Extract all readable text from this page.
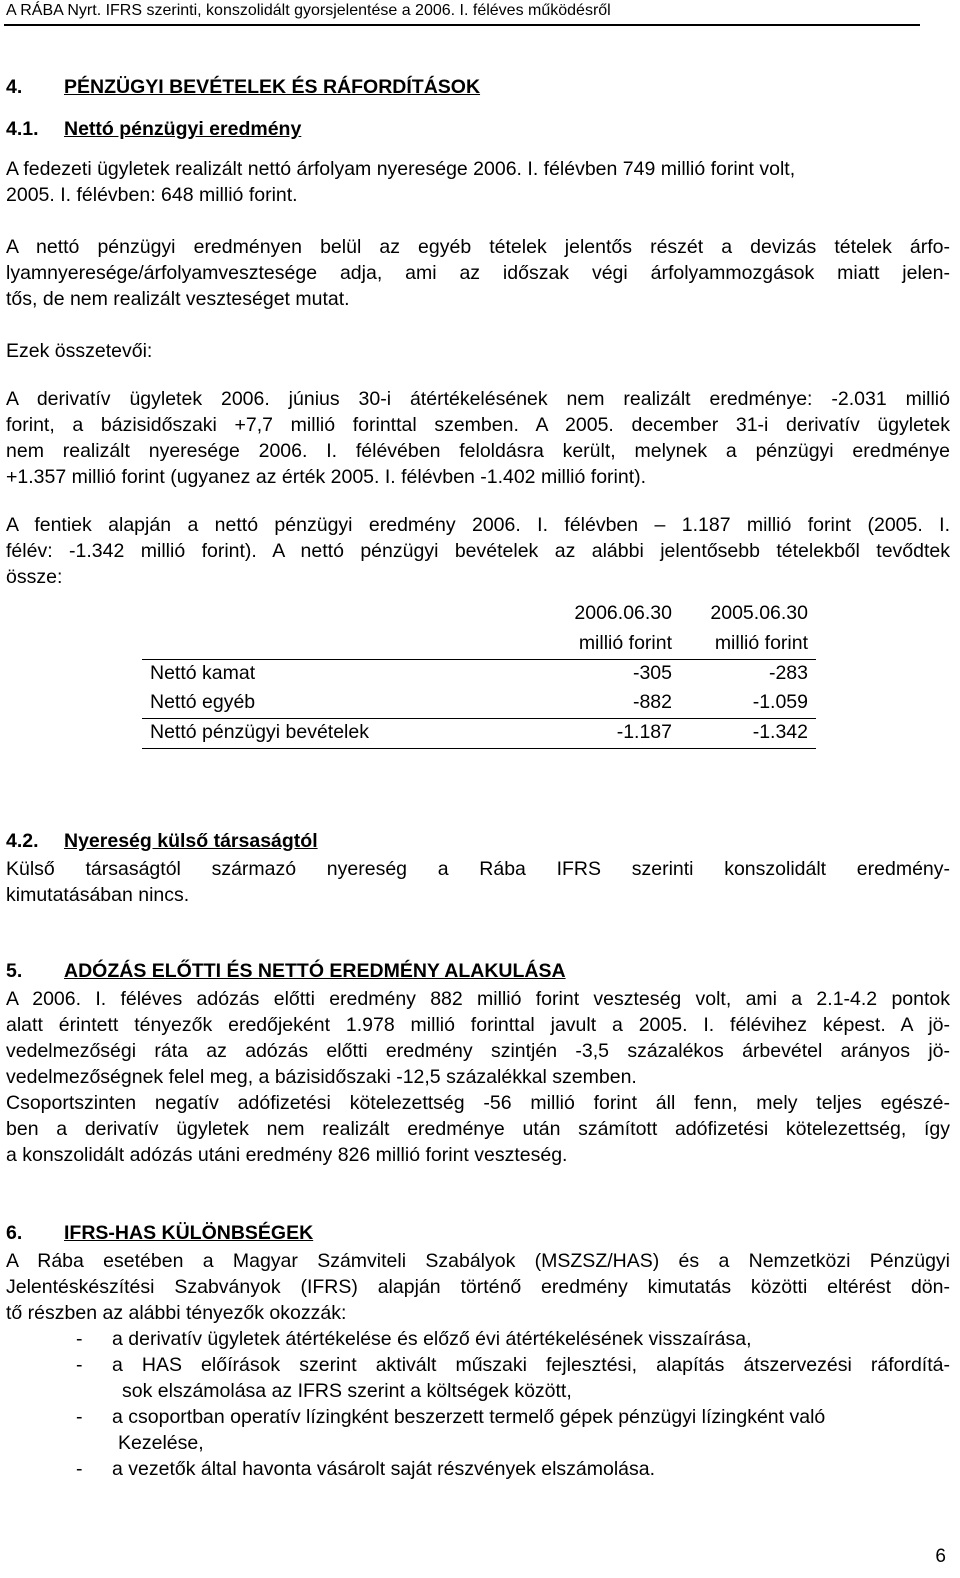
A RÁBA Nyrt. IFRS szerinti, konszolidált gyorsjelentése a 2006. I. féléves működésről
4. PÉNZÜGYI BEVÉTELEK ÉS RÁFORDÍTÁSOK
4.1. Nettó pénzügyi eredmény
A fedezeti ügyletek realizált nettó árfolyam nyeresége 2006. I. félévben 749 millió forint volt,
2005. I. félévben: 648 millió forint.
A nettó pénzügyi eredményen belül az egyéb tételek jelentős részét a devizás tételek árfo-
lyamnyeresége/árfolyamvesztesége adja, ami az időszak végi árfolyammozgások miatt jelen-
tős, de nem realizált veszteséget mutat.
Ezek összetevői:
A derivatív ügyletek 2006. június 30-i átértékelésének nem realizált eredménye: -2.031 millió
forint, a bázisidőszaki +7,7 millió forinttal szemben. A 2005. december 31-i derivatív ügyletek
nem realizált nyeresége 2006. I. félévében feloldásra került, melynek a pénzügyi eredménye
+1.357 millió forint (ugyanez az érték 2005. I. félévben -1.402 millió forint).
A fentiek alapján a nettó pénzügyi eredmény 2006. I. félévben – 1.187 millió forint (2005. I.
félév: -1.342 millió forint). A nettó pénzügyi bevételek az alábbi jelentősebb tételekből tevődtek
össze:
2006.06.30 2005.06.30
millió forint millió forint
Nettó kamat	-305	-283
Nettó egyéb	-882	-1.059
Nettó pénzügyi bevételek	-1.187	-1.342
4.2. Nyereség külső társaságtól
Külső társaságtól származó nyereség a Rába IFRS szerinti konszolidált eredmény-
kimutatásában nincs.
5. ADÓZÁS ELŐTTI ÉS NETTÓ EREDMÉNY ALAKULÁSA
A 2006. I. féléves adózás előtti eredmény 882 millió forint veszteség volt, ami a 2.1-4.2 pontok
alatt érintett tényezők eredőjeként 1.978 millió forinttal javult a 2005. I. félévihez képest. A jö-
vedelmezőségi ráta az adózás előtti eredmény szintjén -3,5 százalékos árbevétel arányos jö-
vedelmezőségnek felel meg, a bázisidőszaki -12,5 százalékkal szemben.
Csoportszinten negatív adófizetési kötelezettség -56 millió forint áll fenn, mely teljes egészé-
ben a derivatív ügyletek nem realizált eredménye után számított adófizetési kötelezettség, így
a konszolidált adózás utáni eredmény 826 millió forint veszteség.
6. IFRS-HAS KÜLÖNBSÉGEK
A Rába esetében a Magyar Számviteli Szabályok (MSZSZ/HAS) és a Nemzetközi Pénzügyi
Jelentéskészítési Szabványok (IFRS) alapján történő eredmény kimutatás közötti eltérést dön-
tő részben az alábbi tényezők okozzák:
- a derivatív ügyletek átértékelése és előző évi átértékelésének visszaírása,
- a HAS előírások szerint aktivált műszaki fejlesztési, alapítás átszervezési ráfordítá-
sok elszámolása az IFRS szerint a költségek között,
- a csoportban operatív lízingként beszerzett termelő gépek pénzügyi lízingként való
Kezelése,
- a vezetők által havonta vásárolt saját részvények elszámolása.
6
